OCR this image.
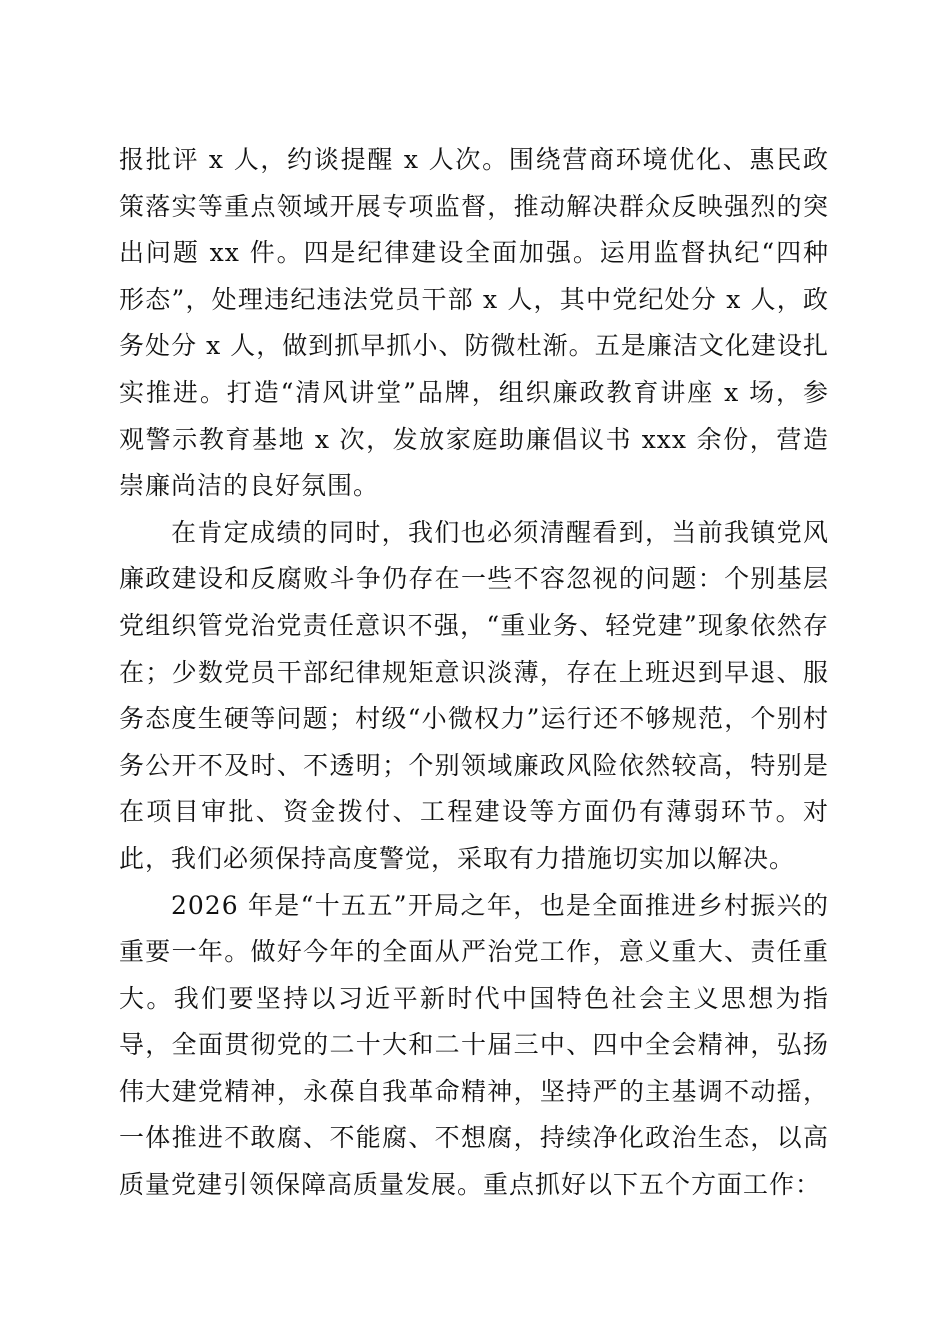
报批评 x 人，约谈提醒 x 人次。围绕营商环境优化、惠民政策落实等重点领域开展专项监督，推动解决群众反映强烈的突出问题 xx 件。四是纪律建设全面加强。运用监督执纪“四种形态”，处理违纪违法党员干部 x 人，其中党纪处分 x 人，政务处分 x 人，做到抓早抓小、防微杜渐。五是廉洁文化建设扎实推进。打造“清风讲堂”品牌，组织廉政教育讲座 x 场，参观警示教育基地 x 次，发放家庭助廉倡议书 xxx 余份，营造崇廉尚洁的良好氛围。

在肯定成绩的同时，我们也必须清醒看到，当前我镇党风廉政建设和反腐败斗争仍存在一些不容忽视的问题：个别基层党组织管党治党责任意识不强，“重业务、轻党建”现象依然存在；少数党员干部纪律规矩意识淡薄，存在上班迟到早退、服务态度生硬等问题；村级“小微权力”运行还不够规范，个别村务公开不及时、不透明；个别领域廉政风险依然较高，特别是在项目审批、资金拨付、工程建设等方面仍有薄弱环节。对此，我们必须保持高度警觉，采取有力措施切实加以解决。

2026 年是“十五五”开局之年，也是全面推进乡村振兴的重要一年。做好今年的全面从严治党工作，意义重大、责任重大。我们要坚持以习近平新时代中国特色社会主义思想为指导，全面贯彻党的二十大和二十届三中、四中全会精神，弘扬伟大建党精神，永葆自我革命精神，坚持严的主基调不动摇，一体推进不敢腐、不能腐、不想腐，持续净化政治生态，以高质量党建引领保障高质量发展。重点抓好以下五个方面工作：
